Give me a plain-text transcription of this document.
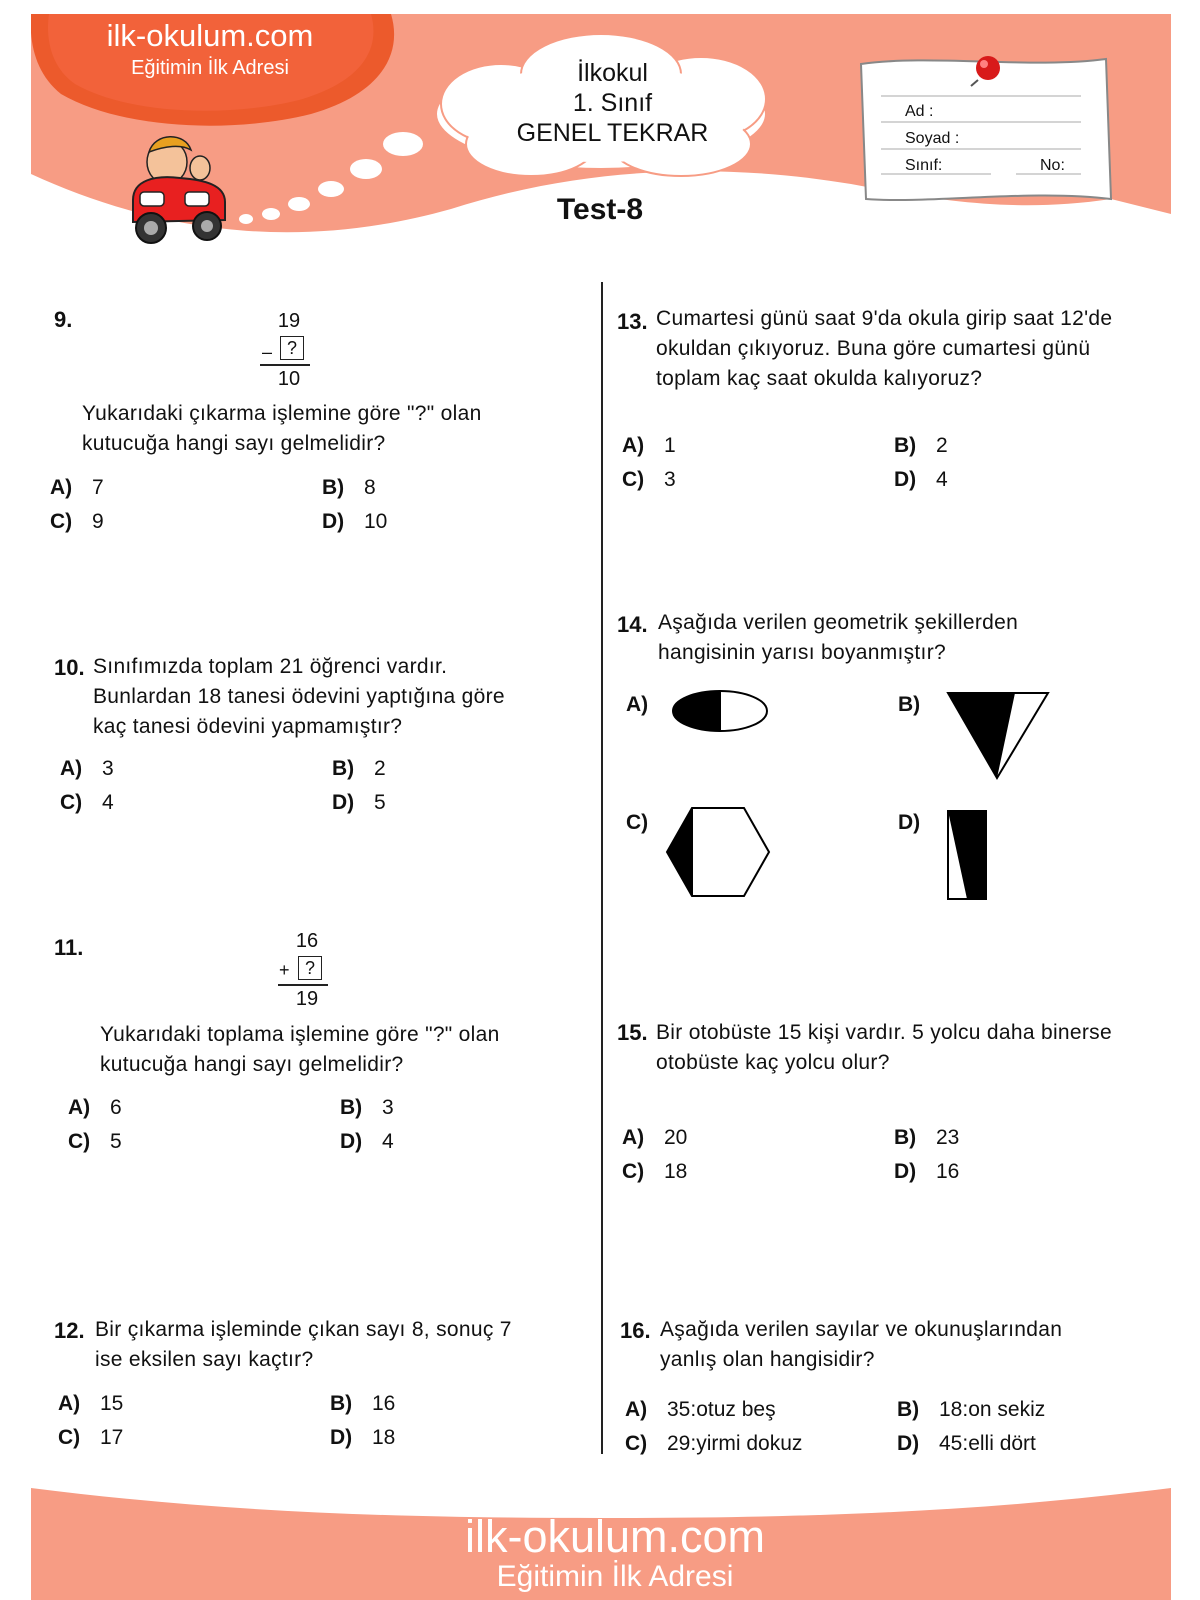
ilk-okulum.com
Eğitimin İlk Adresi	İlkokul
1. Sınıf
GENEL TEKRAR
Ad :
Soyad :
Sınıf:	No:
Test-8
9.	19
– ?
10
Yukarıdaki çıkarma işlemine göre "?" olan
kutucuğa hangi sayı gelmelidir?
A) 7	B) 8
C) 9	D) 10
10. Sınıfımızda toplam 21 öğrenci vardır.
Bunlardan 18 tanesi ödevini yaptığına göre
kaç tanesi ödevini yapmamıştır?
A) 3	B) 2
C) 4	D) 5
11.	16
+ ?
19
Yukarıdaki toplama işlemine göre "?" olan
kutucuğa hangi sayı gelmelidir?
A) 6	B) 3
C) 5	D) 4
12. Bir çıkarma işleminde çıkan sayı 8, sonuç 7
ise eksilen sayı kaçtır?
A) 15	B) 16
C) 17	D) 18
13. Cumartesi günü saat 9'da okula girip saat 12'de
okuldan çıkıyoruz. Buna göre cumartesi günü
toplam kaç saat okulda kalıyoruz?
A) 1	B) 2
C) 3	D) 4
14. Aşağıda verilen geometrik şekillerden
hangisinin yarısı boyanmıştır?
A)	B)
C)	D)
15. Bir otobüste 15 kişi vardır. 5 yolcu daha binerse
otobüste kaç yolcu olur?
A) 20	B) 23
C) 18	D) 16
16. Aşağıda verilen sayılar ve okunuşlarından
yanlış olan hangisidir?
A) 35:otuz beş	B) 18:on sekiz
C) 29:yirmi dokuz	D) 45:elli dört
ilk-okulum.com
Eğitimin İlk Adresi
